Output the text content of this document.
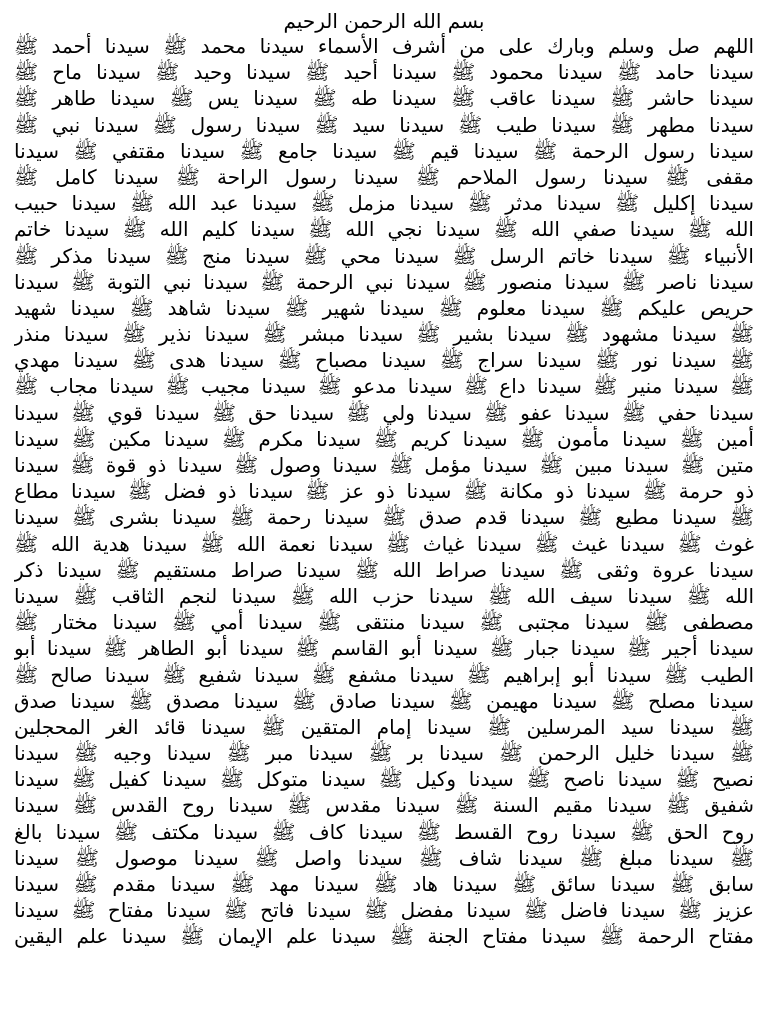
بسم الله الرحمن الرحيم
اللهم صل وسلم وبارك على من أشرف الأسماء سيدنا محمد ﷺ سيدنا أحمد ﷺ
سيدنا حامد ﷺ سيدنا محمود ﷺ سيدنا أحيد ﷺ سيدنا وحيد ﷺ سيدنا ماح ﷺ
سيدنا حاشر ﷺ سيدنا عاقب ﷺ سيدنا طه ﷺ سيدنا يس ﷺ سيدنا طاهر ﷺ
سيدنا مطهر ﷺ سيدنا طيب ﷺ سيدنا سيد ﷺ سيدنا رسول ﷺ سيدنا نبي ﷺ
سيدنا رسول الرحمة ﷺ سيدنا قيم ﷺ سيدنا جامع ﷺ سيدنا مقتفي ﷺ سيدنا
مقفى ﷺ سيدنا رسول الملاحم ﷺ سيدنا رسول الراحة ﷺ سيدنا كامل ﷺ
سيدنا إكليل ﷺ سيدنا مدثر ﷺ سيدنا مزمل ﷺ سيدنا عبد الله ﷺ سيدنا حبيب
الله ﷺ سيدنا صفي الله ﷺ سيدنا نجي الله ﷺ سيدنا كليم الله ﷺ سيدنا خاتم
الأنبياء ﷺ سيدنا خاتم الرسل ﷺ سيدنا محي ﷺ سيدنا منج ﷺ سيدنا مذكر ﷺ
سيدنا ناصر ﷺ سيدنا منصور ﷺ سيدنا نبي الرحمة ﷺ سيدنا نبي التوبة ﷺ سيدنا
حريص عليكم ﷺ سيدنا معلوم ﷺ سيدنا شهير ﷺ سيدنا شاهد ﷺ سيدنا شهيد
ﷺ سيدنا مشهود ﷺ سيدنا بشير ﷺ سيدنا مبشر ﷺ سيدنا نذير ﷺ سيدنا منذر
ﷺ سيدنا نور ﷺ سيدنا سراج ﷺ سيدنا مصباح ﷺ سيدنا هدى ﷺ سيدنا مهدي
ﷺ سيدنا منير ﷺ سيدنا داع ﷺ سيدنا مدعو ﷺ سيدنا مجيب ﷺ سيدنا مجاب ﷺ
سيدنا حفي ﷺ سيدنا عفو ﷺ سيدنا ولي ﷺ سيدنا حق ﷺ سيدنا قوي ﷺ سيدنا
أمين ﷺ سيدنا مأمون ﷺ سيدنا كريم ﷺ سيدنا مكرم ﷺ سيدنا مكين ﷺ سيدنا
متين ﷺ سيدنا مبين ﷺ سيدنا مؤمل ﷺ سيدنا وصول ﷺ سيدنا ذو قوة ﷺ سيدنا
ذو حرمة ﷺ سيدنا ذو مكانة ﷺ سيدنا ذو عز ﷺ سيدنا ذو فضل ﷺ سيدنا مطاع
ﷺ سيدنا مطيع ﷺ سيدنا قدم صدق ﷺ سيدنا رحمة ﷺ سيدنا بشرى ﷺ سيدنا
غوث ﷺ سيدنا غيث ﷺ سيدنا غياث ﷺ سيدنا نعمة الله ﷺ سيدنا هدية الله ﷺ
سيدنا عروة وثقى ﷺ سيدنا صراط الله ﷺ سيدنا صراط مستقيم ﷺ سيدنا ذكر
الله ﷺ سيدنا سيف الله ﷺ سيدنا حزب الله ﷺ سيدنا لنجم الثاقب ﷺ سيدنا
مصطفى ﷺ سيدنا مجتبى ﷺ سيدنا منتقى ﷺ سيدنا أمي ﷺ سيدنا مختار ﷺ
سيدنا أجير ﷺ سيدنا جبار ﷺ سيدنا أبو القاسم ﷺ سيدنا أبو الطاهر ﷺ سيدنا أبو
الطيب ﷺ سيدنا أبو إبراهيم ﷺ سيدنا مشفع ﷺ سيدنا شفيع ﷺ سيدنا صالح ﷺ
سيدنا مصلح ﷺ سيدنا مهيمن ﷺ سيدنا صادق ﷺ سيدنا مصدق ﷺ سيدنا صدق
ﷺ سيدنا سيد المرسلين ﷺ سيدنا إمام المتقين ﷺ سيدنا قائد الغر المحجلين
ﷺ سيدنا خليل الرحمن ﷺ سيدنا بر ﷺ سيدنا مبر ﷺ سيدنا وجيه ﷺ سيدنا
نصيح ﷺ سيدنا ناصح ﷺ سيدنا وكيل ﷺ سيدنا متوكل ﷺ سيدنا كفيل ﷺ سيدنا
شفيق ﷺ سيدنا مقيم السنة ﷺ سيدنا مقدس ﷺ سيدنا روح القدس ﷺ سيدنا
روح الحق ﷺ سيدنا روح القسط ﷺ سيدنا كاف ﷺ سيدنا مكتف ﷺ سيدنا بالغ
ﷺ سيدنا مبلغ ﷺ سيدنا شاف ﷺ سيدنا واصل ﷺ سيدنا موصول ﷺ سيدنا
سابق ﷺ سيدنا سائق ﷺ سيدنا هاد ﷺ سيدنا مهد ﷺ سيدنا مقدم ﷺ سيدنا
عزيز ﷺ سيدنا فاضل ﷺ سيدنا مفضل ﷺ سيدنا فاتح ﷺ سيدنا مفتاح ﷺ سيدنا
مفتاح الرحمة ﷺ سيدنا مفتاح الجنة ﷺ سيدنا علم الإيمان ﷺ سيدنا علم اليقين
